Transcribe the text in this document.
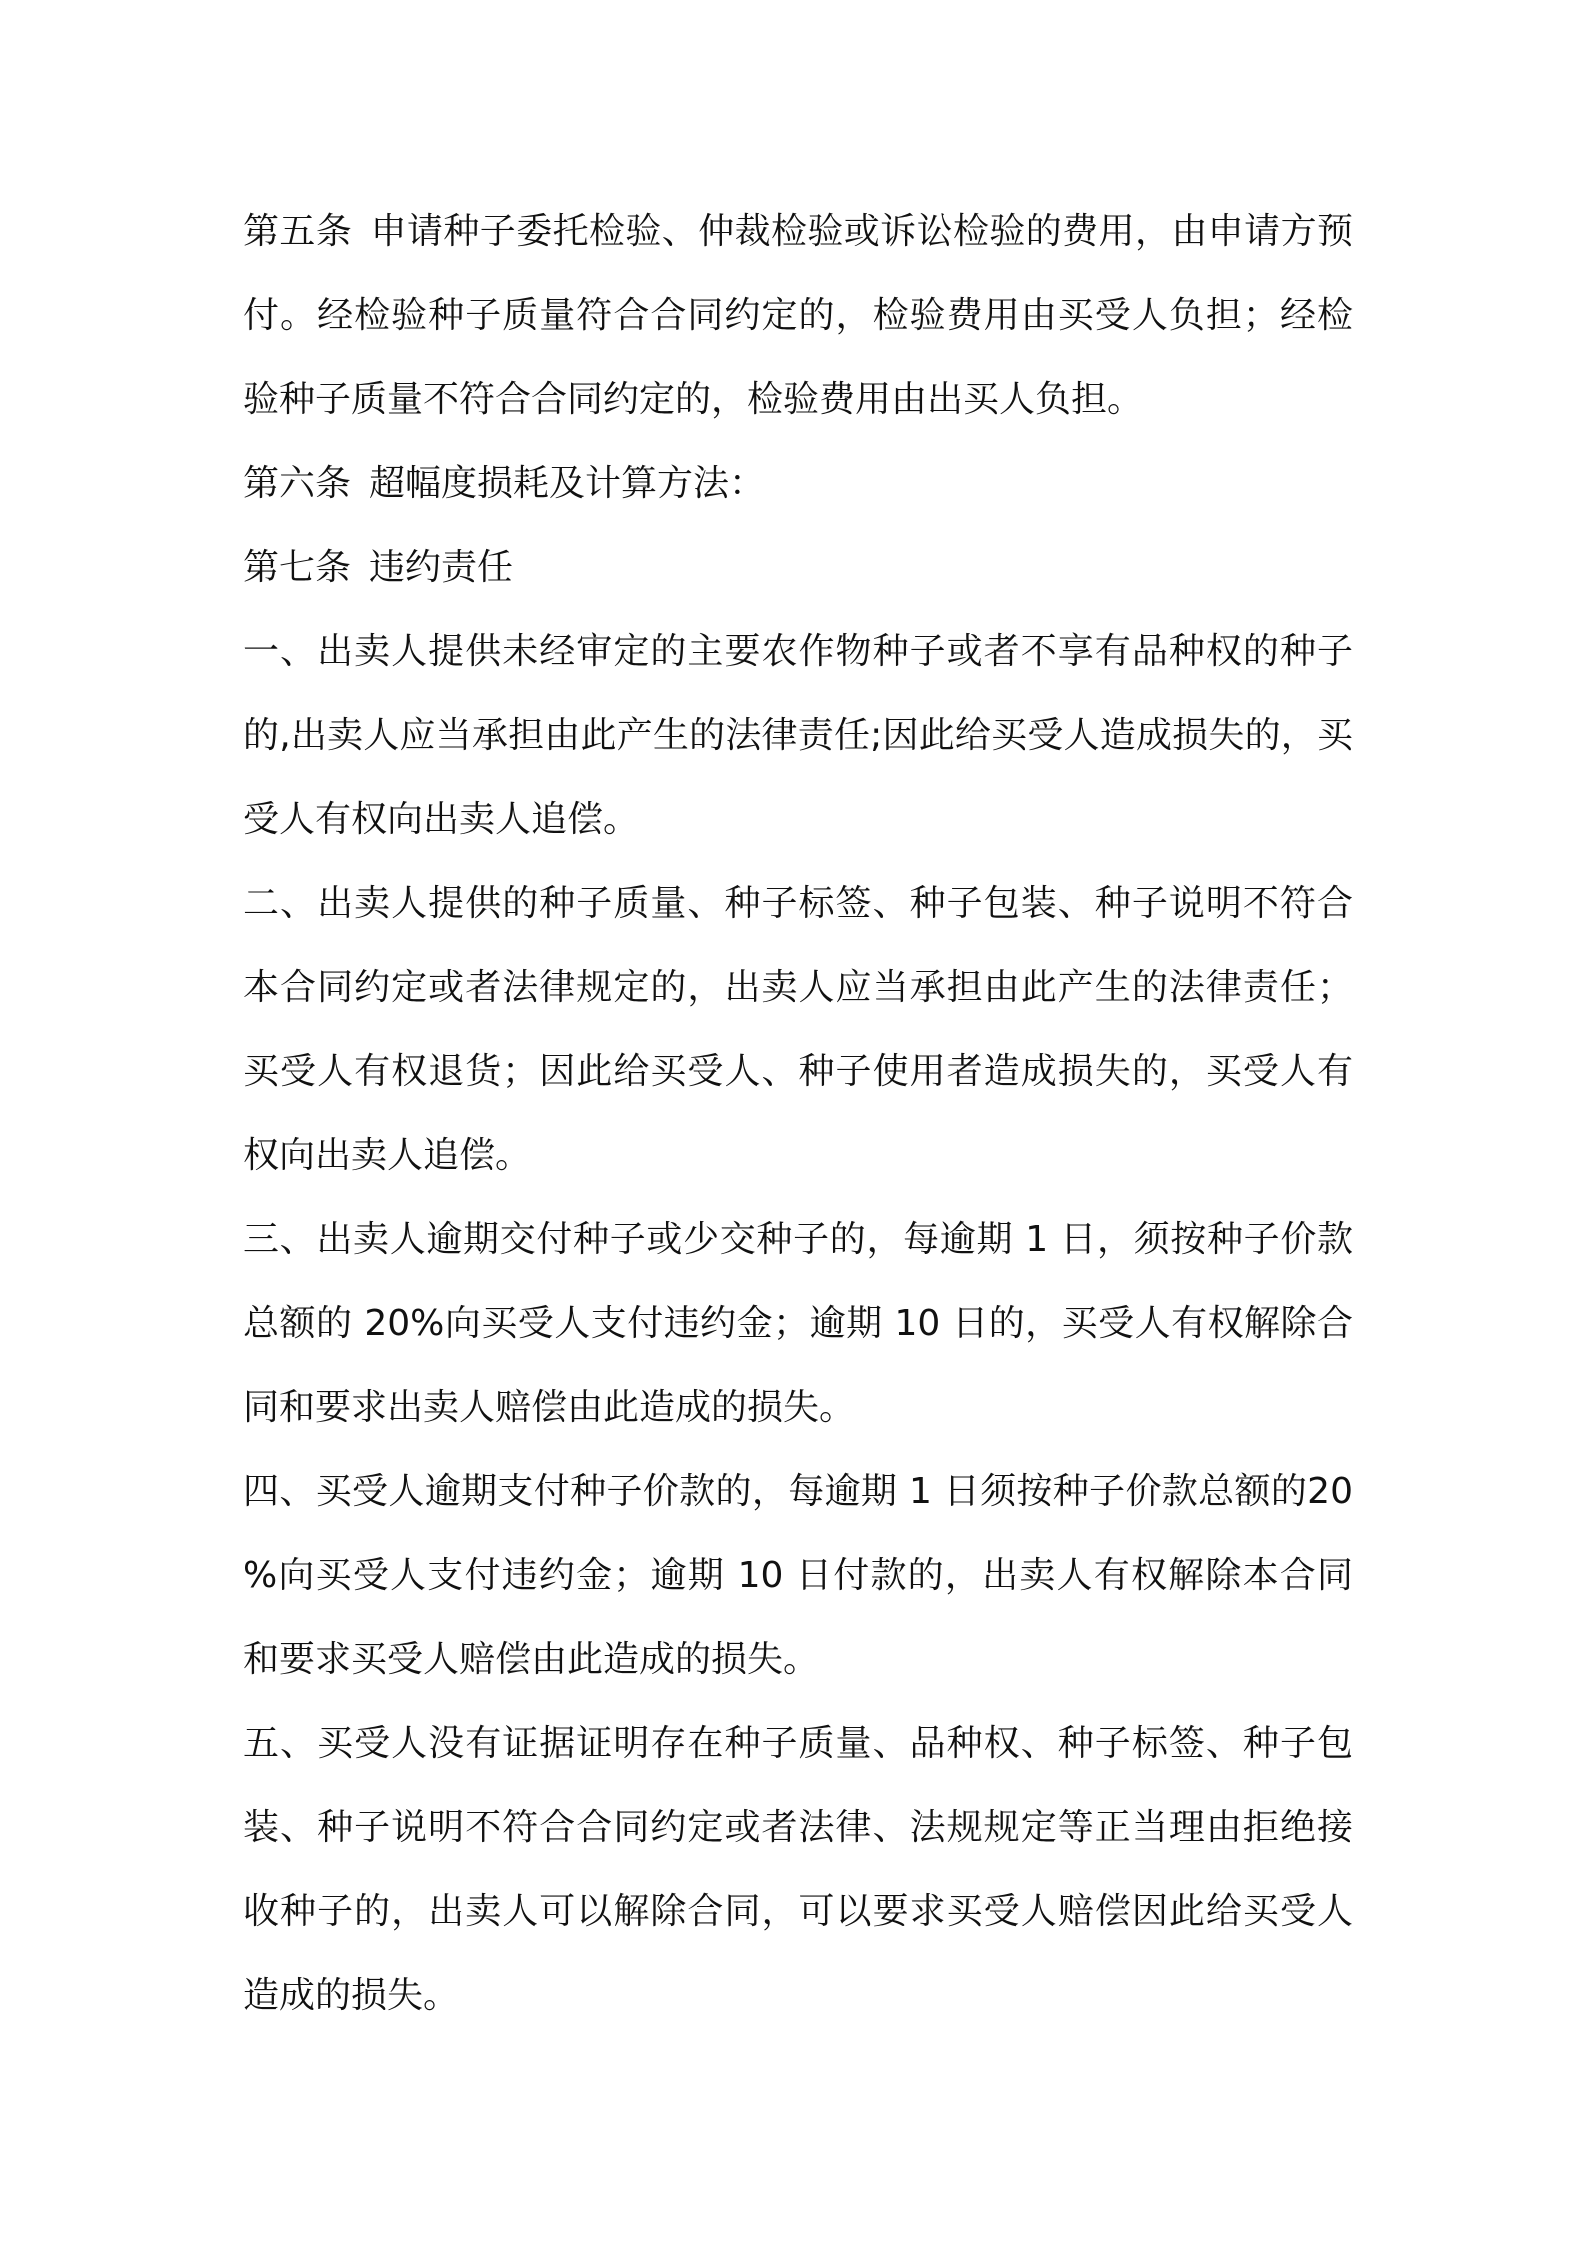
第五条 申请种子委托检验、仲裁检验或诉讼检验的费用，由申请方预付。经检验种子质量符合合同约定的，检验费用由买受人负担；经检验种子质量不符合合同约定的，检验费用由出买人负担。

第六条 超幅度损耗及计算方法：

第七条 违约责任

一、出卖人提供未经审定的主要农作物种子或者不享有品种权的种子的,出卖人应当承担由此产生的法律责任;因此给买受人造成损失的，买受人有权向出卖人追偿。

二、出卖人提供的种子质量、种子标签、种子包装、种子说明不符合本合同约定或者法律规定的，出卖人应当承担由此产生的法律责任；买受人有权退货；因此给买受人、种子使用者造成损失的，买受人有权向出卖人追偿。

三、出卖人逾期交付种子或少交种子的，每逾期 1 日，须按种子价款总额的 20%向买受人支付违约金；逾期 10 日的，买受人有权解除合同和要求出卖人赔偿由此造成的损失。

四、买受人逾期支付种子价款的，每逾期 1 日须按种子价款总额的20%向买受人支付违约金；逾期 10 日付款的，出卖人有权解除本合同和要求买受人赔偿由此造成的损失。

五、买受人没有证据证明存在种子质量、品种权、种子标签、种子包装、种子说明不符合合同约定或者法律、法规规定等正当理由拒绝接收种子的，出卖人可以解除合同，可以要求买受人赔偿因此给买受人造成的损失。
